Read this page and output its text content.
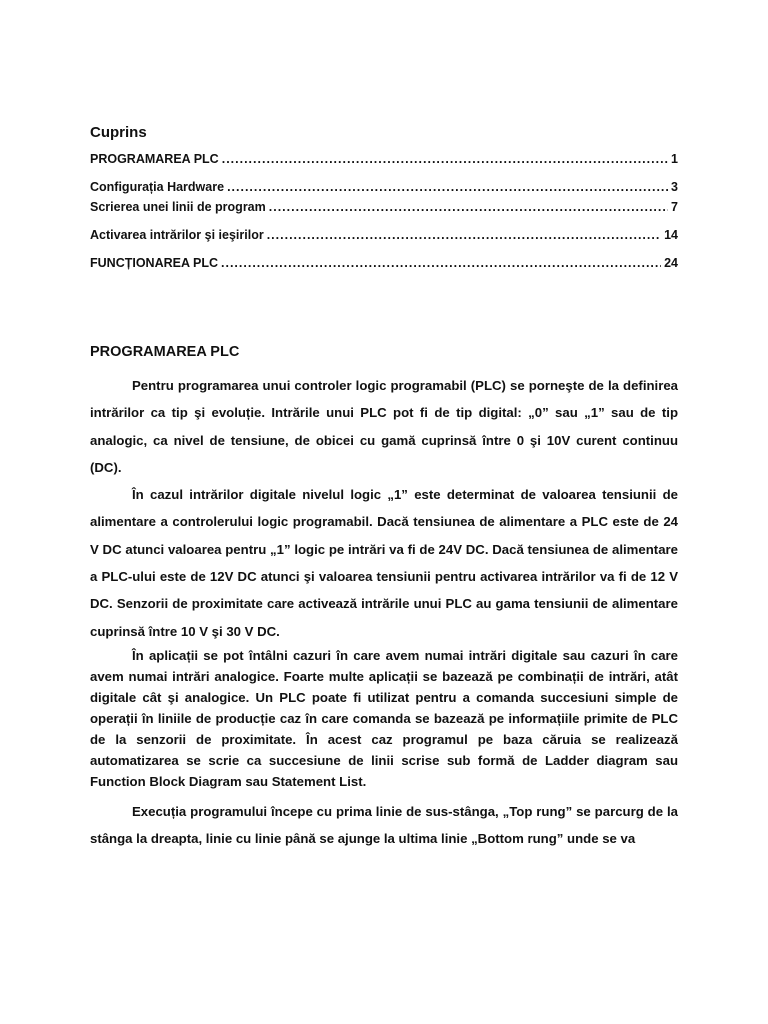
Cuprins
PROGRAMAREA PLC .....	1
Configurația Hardware .....	3
Scrierea unei linii de program .....	7
Activarea intrărilor şi ieşirilor .....	14
FUNCȚIONAREA PLC .....	24
PROGRAMAREA PLC

Pentru programarea unui controler logic programabil (PLC) se porneşte de la definirea intrărilor ca tip şi evoluție. Intrările unui PLC pot fi de tip digital: „0” sau „1” sau de tip analogic, ca nivel de tensiune, de obicei cu gamă cuprinsă între 0 şi 10V curent continuu (DC).

În cazul intrărilor digitale nivelul logic „1” este determinat de valoarea tensiunii de alimentare a controlerului logic programabil. Dacă tensiunea de alimentare a PLC este de 24 V DC atunci valoarea pentru „1” logic pe intrări va fi de 24V DC. Dacă tensiunea de alimentare a PLC-ului este de 12V DC atunci şi valoarea tensiunii pentru activarea intrărilor va fi de 12 V DC. Senzorii de proximitate care activează intrările unui PLC au gama tensiunii de alimentare cuprinsă între 10 V şi 30 V DC.

În aplicații se pot întâlni cazuri în care avem numai intrări digitale sau cazuri în care avem numai intrări analogice. Foarte multe aplicații se bazează pe combinații de intrări, atât digitale cât şi analogice. Un PLC poate fi utilizat pentru a comanda succesiuni simple de operații în liniile de producție caz în care comanda se bazează pe informațiile primite de PLC de la senzorii de proximitate. În acest caz programul pe baza căruia se realizează automatizarea se scrie ca succesiune de linii scrise sub formă de Ladder diagram sau Function Block Diagram sau Statement List.

Execuția programului începe cu prima linie de sus-stânga, „Top rung” se parcurg de la stânga la dreapta, linie cu linie până se ajunge la ultima linie „Bottom rung” unde se va
